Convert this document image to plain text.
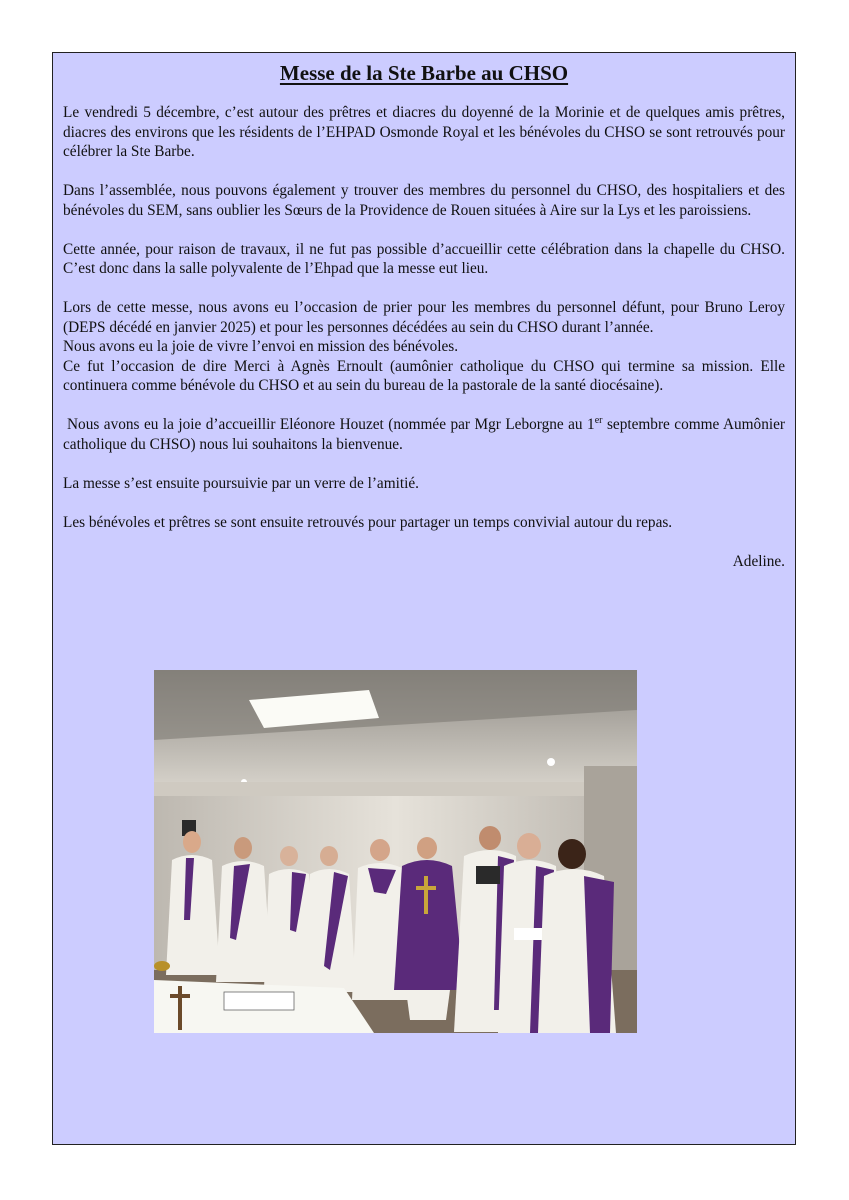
Messe de la Ste Barbe au CHSO

Le vendredi 5 décembre, c’est autour des prêtres et diacres du doyenné de la Morinie et de quelques amis prêtres, diacres des environs que les résidents de l’EHPAD Osmonde Royal et les bénévoles du CHSO se sont retrouvés pour célébrer la Ste Barbe.

Dans l’assemblée, nous pouvons également y trouver des membres du personnel du CHSO, des hospitaliers et des bénévoles du SEM, sans oublier les Sœurs de la Providence de Rouen situées à Aire sur la Lys et les paroissiens.

Cette année, pour raison de travaux, il ne fut pas possible d’accueillir cette célébration dans la chapelle du CHSO. C’est donc dans la salle polyvalente de l’Ehpad que la messe eut lieu.

Lors de cette messe, nous avons eu l’occasion de prier pour les membres du personnel défunt, pour Bruno Leroy (DEPS décédé en janvier 2025) et pour les personnes décédées au sein du CHSO durant l’année.

Nous avons eu la joie de vivre l’envoi en mission des bénévoles.

Ce fut l’occasion de dire Merci à Agnès Ernoult (aumônier catholique du CHSO qui termine sa mission. Elle continuera comme bénévole du CHSO et au sein du bureau de la pastorale de la santé diocésaine).

Nous avons eu la joie d’accueillir Eléonore Houzet (nommée par Mgr Leborgne au 1er septembre comme Aumônier catholique du CHSO) nous lui souhaitons la bienvenue.

La messe s’est ensuite poursuivie par un verre de l’amitié.

Les bénévoles et prêtres se sont ensuite retrouvés pour partager un temps convivial autour du repas.

Adeline.
